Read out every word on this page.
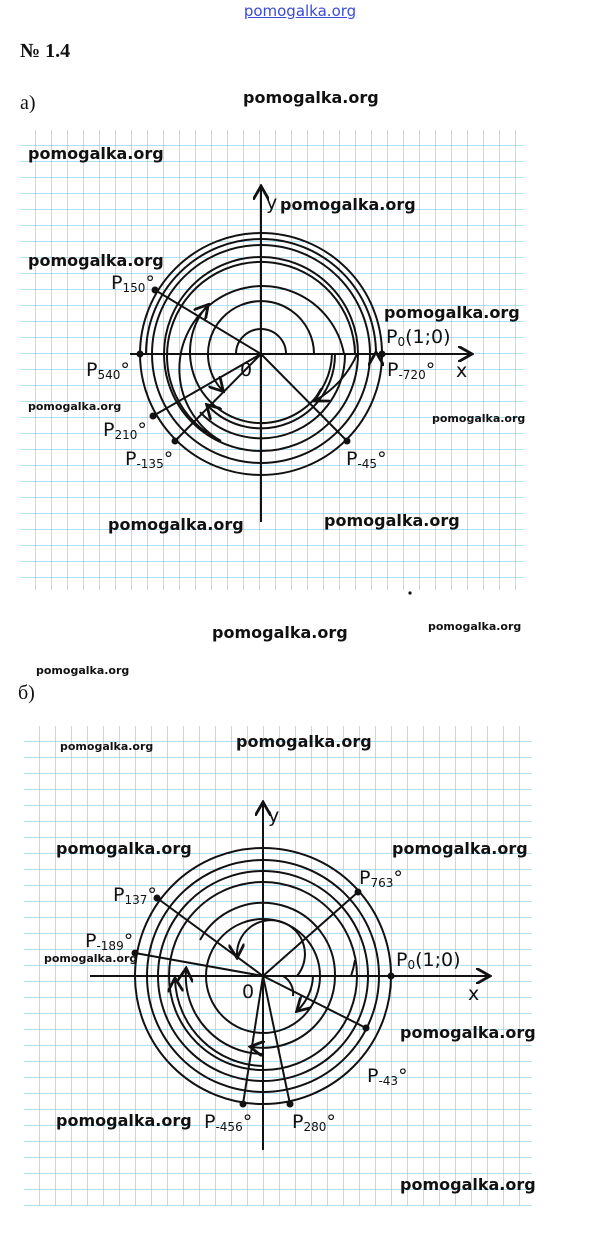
pomogalka.org
№ 1.4
а)
б)
y
x
0
P0(1;0)
P150°
P540°	P-720°
P210°
P-135°	P-45°
y
x
0
P0(1;0)
P137°
P763°
P-189°
P-43°
P-456° P280°
pomogalka.org
pomogalka.org
pomogalka.org
pomogalka.org
pomogalka.org
pomogalka.org
pomogalka.org
pomogalka.org	pomogalka.org
pomogalka.org	pomogalka.org
pomogalka.org
pomogalka.org	pomogalka.org
pomogalka.org	pomogalka.org
pomogalka.org
pomogalka.org
pomogalka.org
pomogalka.org
